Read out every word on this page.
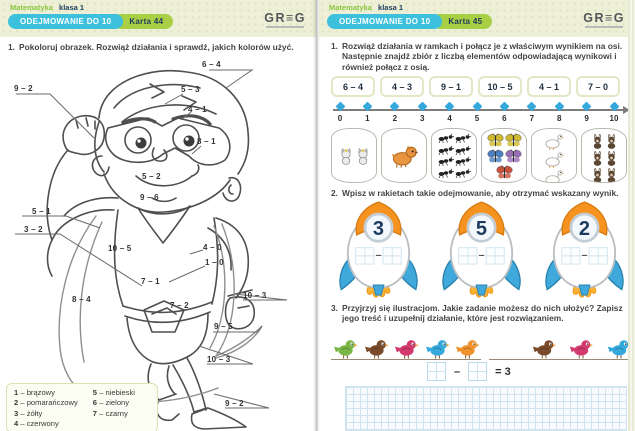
Matematyka klasa 1
ODEJMOWANIE DO 10	Karta 44	GR≡G
1. Pokoloruj obrazek. Rozwiąż działania i sprawdź, jakich kolorów użyć.
6 – 4
9 – 2	5 – 3
4 – 1
8 – 1
5 – 2
9 – 6
5 – 1
3 – 2
10 – 5	4 – 0
1 – 0
7 – 1
10 – 3
8 – 4
7 – 2
9 – 5
10 – 3
9 – 2
1 – brązowy
2 – pomarańczowy
3 – żółty
4 – czerwony
5 – niebieski
6 – zielony
7 – czarny
Matematyka klasa 1
ODEJMOWANIE DO 10	Karta 45	GR≡G
1. Rozwiąż działania w ramkach i połącz je z właściwym wynikiem na osi. Następnie znajdź zbiór z liczbą elementów odpowiadającą wynikowi i również połącz z osią.
6 – 4	4 – 3	9 – 1	10 – 5	4 – 1	7 – 0
0	1	2	3	4	5	6	7	8	9	10
2. Wpisz w rakietach takie odejmowanie, aby otrzymać wskazany wynik.
3
–
5
–
2
–
3. Przyjrzyj się ilustracjom. Jakie zadanie możesz do nich ułożyć? Zapisz jego treść i uzupełnij działanie, które jest rozwiązaniem.
–	= 3
